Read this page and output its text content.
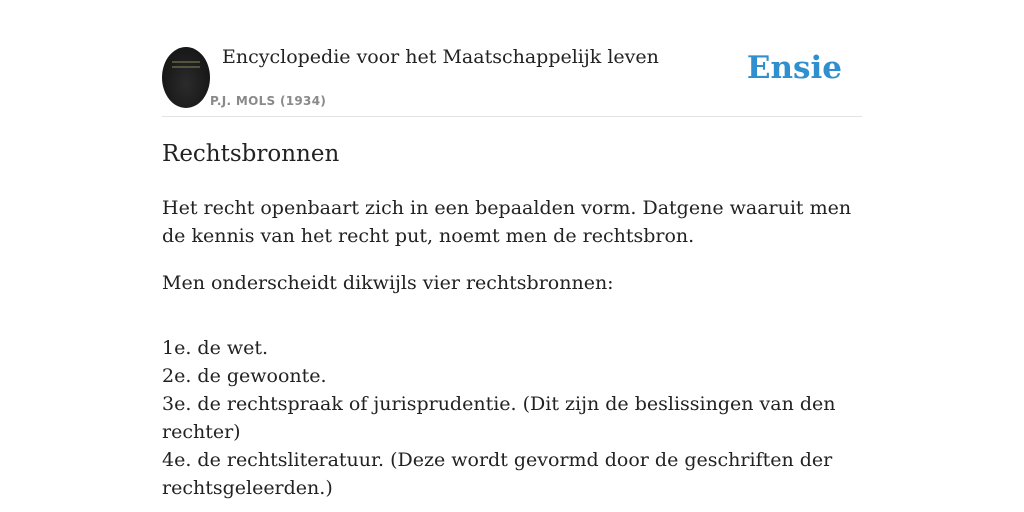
Encyclopedie voor het Maatschappelijk leven
P.J. MOLS (1934)
Ensie
Rechtsbronnen

Het recht openbaart zich in een bepaalden vorm. Datgene waaruit men de kennis van het recht put, noemt men de rechtsbron.

Men onderscheidt dikwijls vier rechtsbronnen:

1e. de wet.
2e. de gewoonte.
3e. de rechtspraak of jurisprudentie. (Dit zijn de beslissingen van den rechter)
4e. de rechtsliteratuur. (Deze wordt gevormd door de geschriften der rechtsgeleerden.)
